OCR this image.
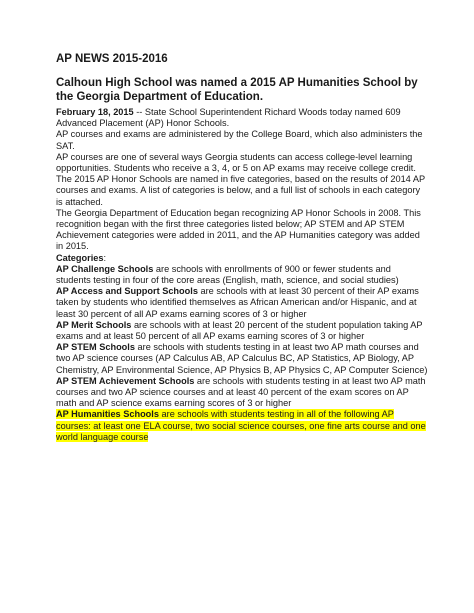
AP NEWS 2015-2016
Calhoun High School was named a 2015 AP Humanities School by the Georgia Department of Education.

February 18, 2015 -- State School Superintendent Richard Woods today named 609 Advanced Placement (AP) Honor Schools.

AP courses and exams are administered by the College Board, which also administers the SAT.

AP courses are one of several ways Georgia students can access college-level learning opportunities. Students who receive a 3, 4, or 5 on AP exams may receive college credit.

The 2015 AP Honor Schools are named in five categories, based on the results of 2014 AP courses and exams. A list of categories is below, and a full list of schools in each category is attached.

The Georgia Department of Education began recognizing AP Honor Schools in 2008. This recognition began with the first three categories listed below; AP STEM and AP STEM Achievement categories were added in 2011, and the AP Humanities category was added in 2015.

Categories:

AP Challenge Schools are schools with enrollments of 900 or fewer students and students testing in four of the core areas (English, math, science, and social studies)

AP Access and Support Schools are schools with at least 30 percent of their AP exams taken by students who identified themselves as African American and/or Hispanic, and at least 30 percent of all AP exams earning scores of 3 or higher

AP Merit Schools are schools with at least 20 percent of the student population taking AP exams and at least 50 percent of all AP exams earning scores of 3 or higher

AP STEM Schools are schools with students testing in at least two AP math courses and two AP science courses (AP Calculus AB, AP Calculus BC, AP Statistics, AP Biology, AP Chemistry, AP Environmental Science, AP Physics B, AP Physics C, AP Computer Science)

AP STEM Achievement Schools are schools with students testing in at least two AP math courses and two AP science courses and at least 40 percent of the exam scores on AP math and AP science exams earning scores of 3 or higher

AP Humanities Schools are schools with students testing in all of the following AP courses: at least one ELA course, two social science courses, one fine arts course and one world language course
